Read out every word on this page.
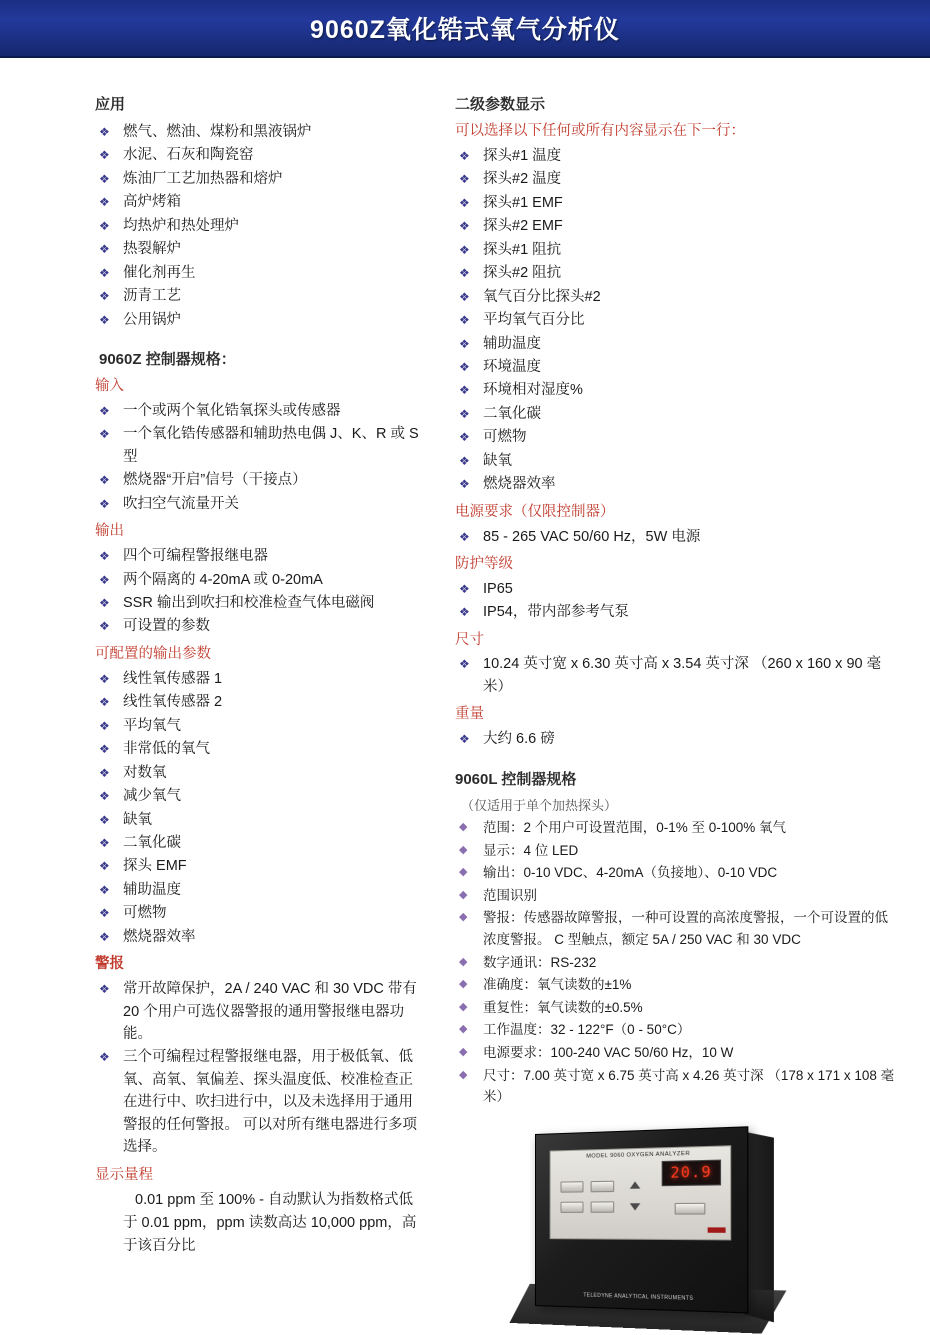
9060Z氧化锆式氧气分析仪
应用
❖ 燃气、燃油、煤粉和黑液锅炉
❖ 水泥、石灰和陶瓷窑
❖ 炼油厂工艺加热器和熔炉
❖ 高炉烤箱
❖ 均热炉和热处理炉
❖ 热裂解炉
❖ 催化剂再生
❖ 沥青工艺
❖ 公用锅炉
9060Z 控制器规格：
输入
❖ 一个或两个氧化锆氧探头或传感器
❖ 一个氧化锆传感器和辅助热电偶 J、K、R 或 S 型
❖ 燃烧器“开启”信号（干接点）
❖ 吹扫空气流量开关
输出
❖ 四个可编程警报继电器
❖ 两个隔离的 4-20mA 或 0-20mA
❖ SSR 输出到吹扫和校准检查气体电磁阀
❖ 可设置的参数
可配置的输出参数
❖ 线性氧传感器 1
❖ 线性氧传感器 2
❖ 平均氧气
❖ 非常低的氧气
❖ 对数氧
❖ 减少氧气
❖ 缺氧
❖ 二氧化碳
❖ 探头 EMF
❖ 辅助温度
❖ 可燃物
❖ 燃烧器效率
警报
❖ 常开故障保护，2A / 240 VAC 和 30 VDC 带有 20 个用户可选仪器警报的通用警报继电器功能。
❖ 三个可编程过程警报继电器，用于极低氧、低氧、高氧、氧偏差、探头温度低、校准检查正在进行中、吹扫进行中，以及未选择用于通用警报的任何警报。 可以对所有继电器进行多项选择。
显示量程
0.01 ppm 至 100% - 自动默认为指数格式低于 0.01 ppm，ppm 读数高达 10,000 ppm，高于该百分比
二级参数显示
可以选择以下任何或所有内容显示在下一行：
❖ 探头#1 温度
❖ 探头#2 温度
❖ 探头#1 EMF
❖ 探头#2 EMF
❖ 探头#1 阻抗
❖ 探头#2 阻抗
❖ 氧气百分比探头#2
❖ 平均氧气百分比
❖ 辅助温度
❖ 环境温度
❖ 环境相对湿度%
❖ 二氧化碳
❖ 可燃物
❖ 缺氧
❖ 燃烧器效率
电源要求（仅限控制器）
❖ 85 - 265 VAC 50/60 Hz，5W 电源
防护等级
❖ IP65
❖ IP54，带内部参考气泵
尺寸
❖ 10.24 英寸宽 x 6.30 英寸高 x 3.54 英寸深 （260 x 160 x 90 毫米）
重量
❖ 大约 6.6 磅
9060L 控制器规格
（仅适用于单个加热探头）
◆ 范围：2 个用户可设置范围，0-1% 至 0-100% 氧气
◆ 显示：4 位 LED
◆ 输出：0-10 VDC、4-20mA（负接地）、0-10 VDC
◆ 范围识别
◆ 警报：传感器故障警报，一种可设置的高浓度警报，一个可设置的低浓度警报。 C 型触点，额定 5A / 250 VAC 和 30 VDC
◆ 数字通讯：RS-232
◆ 准确度：氧气读数的±1%
◆ 重复性：氧气读数的±0.5%
◆ 工作温度：32 - 122°F（0 - 50°C）
◆ 电源要求：100-240 VAC 50/60 Hz，10 W
◆ 尺寸：7.00 英寸宽 x 6.75 英寸高 x 4.26 英寸深 （178 x 171 x 108 毫米）
MODEL 9060 OXYGEN ANALYZER
20.9
TELEDYNE ANALYTICAL INSTRUMENTS
